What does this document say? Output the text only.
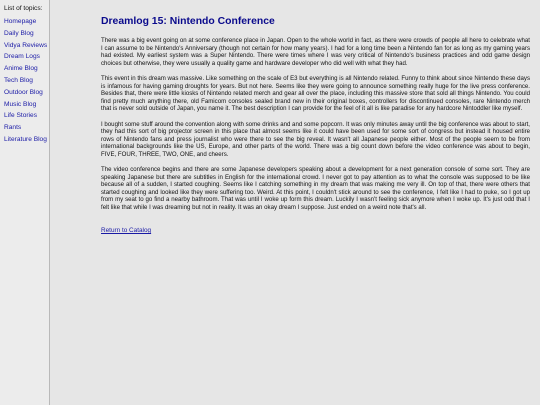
List of topics:
Homepage
Daily Blog
Vidya Reviews
Dream Logs
Anime Blog
Tech Blog
Outdoor Blog
Music Blog
Life Stories
Rants
Literature Blog
Dreamlog 15: Nintendo Conference

There was a big event going on at some conference place in Japan. Open to the whole world in fact, as there were crowds of people all here to celebrate what I can assume to be Nintendo's Anniversary (though not certain for how many years). I had for a long time been a Nintendo fan for as long as my gaming years had existed. My earliest system was a Super Nintendo. There were times where I was very critical of Nintendo's business practices and odd game design choices but otherwise, they were usually a quality game and hardware developer who did well with what they had.

This event in this dream was massive. Like something on the scale of E3 but everything is all Nintendo related. Funny to think about since Nintendo these days is infamous for having gaming droughts for years. But not here. Seems like they were going to announce something really huge for the live press conference. Besides that, there were little kiosks of Nintendo related merch and gear all over the place, including this massive store that sold all things Nintendo. You could find pretty much anything there, old Famicom consoles sealed brand new in their original boxes, controllers for discontinued consoles, rare Nintendo merch that is never sold outside of Japan, you name it. The best description I can provide for the feel of it all is like paradise for any hardcore Nintoddler like myself.

I bought some stuff around the convention along with some drinks and and some popcorn. It was only minutes away until the big conference was about to start, they had this sort of big projector screen in this place that almost seems like it could have been used for some sort of congress but instead it housed entire rows of Nintendo fans and press journalist who were there to see the big reveal. It wasn't all Japanese people either. Most of the people seem to be from international backgrounds like the US, Europe, and other parts of the world. There was a big count down before the video conference was about to begin, FIVE, FOUR, THREE, TWO, ONE, and cheers.

The video conference begins and there are some Japanese developers speaking about a development for a next generation console of some sort. They are speaking Japanese but there are subtitles in English for the international crowd. I never got to pay attention as to what the console was supposed to be like because all of a sudden, I started coughing. Seems like I catching something in my dream that was making me very ill. On top of that, there were others that started coughing and looked like they were suffering too. Weird. At this point, I couldn't stick around to see the conference, I felt like I had to puke, so I got up from my seat to go find a nearby bathroom. That was until I woke up form this dream. Luckily I wasn't feeling sick anymore when I woke up. It's just odd that I felt like that while I was dreaming but not in reality. It was an okay dream I suppose. Just ended on a weird note that's all.

Return to Catalog
